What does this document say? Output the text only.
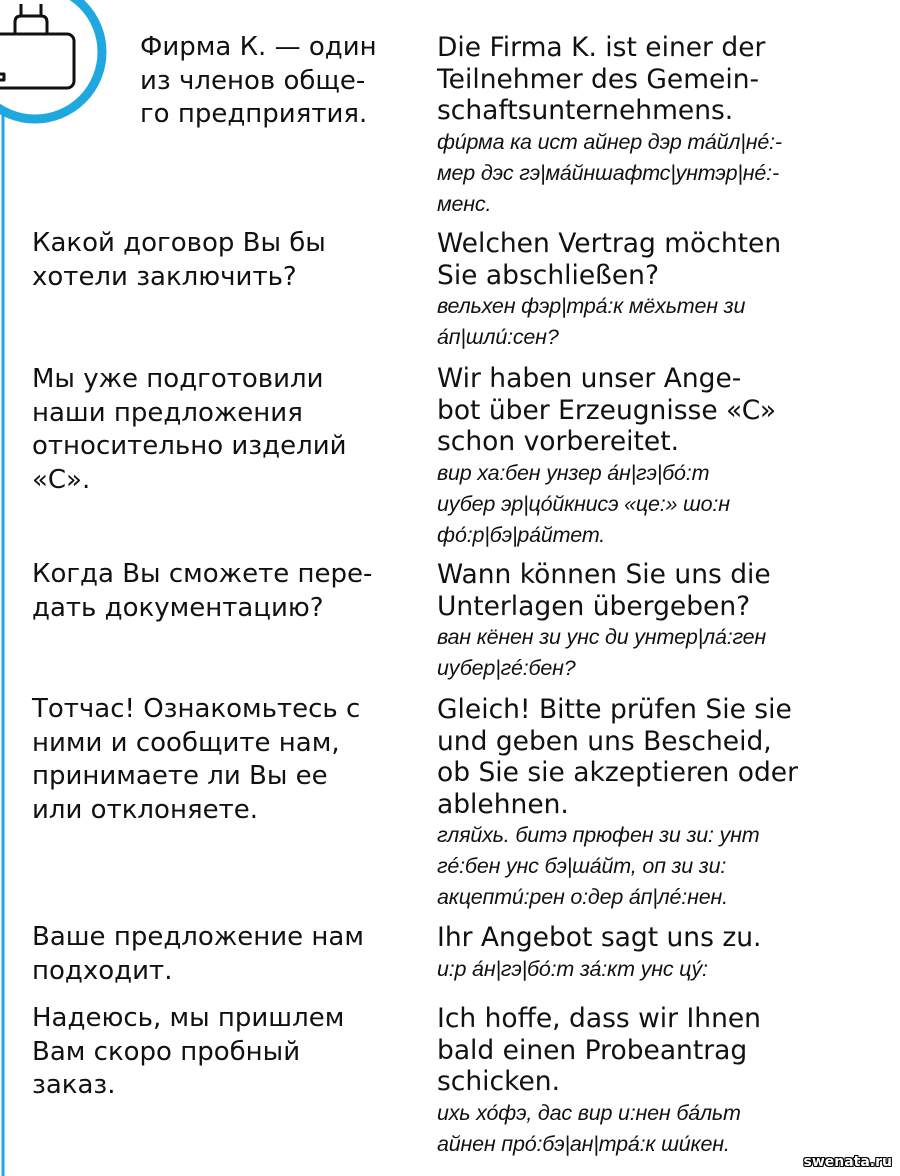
Фирма К. — один
из членов обще-
го предприятия.

Die Firma K. ist einer der
Teilnehmer des Gemein-
schaftsunternehmens.

фи́рма ка ист айнер дэр та́йл|нé:-
мер дэс гэ|ма́йншафтс|унтэр|нé:-
менс.

Какой договор Вы бы
хотели заключить?

Welchen Vertrag möchten
Sie abschließen?

вельхен фэр|тра́:к мёхьтен зи
а́п|шли́:сен?

Мы уже подготовили
наши предложения
относительно изделий
«С».

Wir haben unser Ange-
bot über Erzeugnisse «C»
schon vorbereitet.

вир ха:бен унзер а́н|гэ|бо́:т
иубер эр|цо́йкнисэ «це:» шо:н
фо́:р|бэ|ра́йтет.

Когда Вы сможете пере-
дать документацию?

Wann können Sie uns die
Unterlagen übergeben?

ван кёнен зи унс ди унтер|ла́:ген
иубер|гé:бен?

Тотчас! Ознакомьтесь с
ними и сообщите нам,
принимаете ли Вы ее
или отклоняете.

Gleich! Bitte prüfen Sie sie
und geben uns Bescheid,
ob Sie sie akzeptieren oder
ablehnen.

гляйхь. битэ прюфен зи зи: унт
гé:бен унс бэ|ша́йт, оп зи зи:
акцепти́:рен о:дер а́п|лé:нен.

Ваше предложение нам
подходит.

Ihr Angebot sagt uns zu.

и:р а́н|гэ|бо́:т за́:кт унс цу́:

Надеюсь, мы пришлем
Вам скоро пробный
заказ.

Ich hoffe, dass wir Ihnen
bald einen Probeantrag
schicken.

ихь хо́фэ, дас вир и:нен ба́льт
айнен про́:бэ|ан|тра́:к ши́кен.

swenata.ru
